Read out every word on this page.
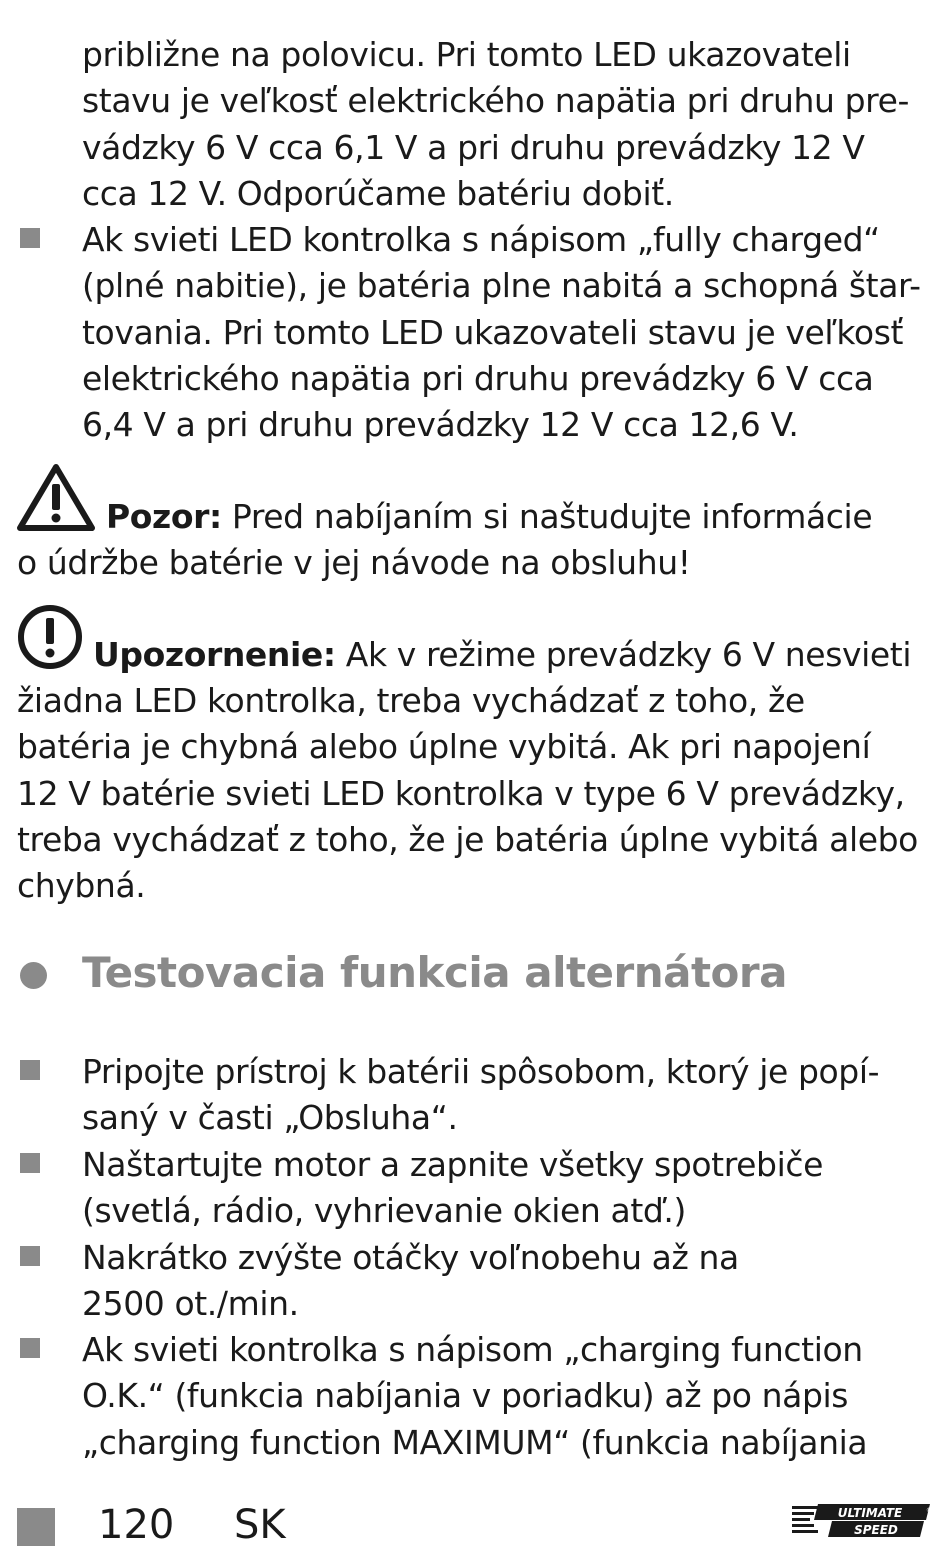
približne na polovicu. Pri tomto LED ukazovateli
stavu je veľkosť elektrického napätia pri druhu pre-
vádzky 6 V cca 6,1 V a pri druhu prevádzky 12 V
cca 12 V. Odporúčame batériu dobiť.
Ak svieti LED kontrolka s nápisom „fully charged“
(plné nabitie), je batéria plne nabitá a schopná štar-
tovania. Pri tomto LED ukazovateli stavu je veľkosť
elektrického napätia pri druhu prevádzky 6 V cca
6,4 V a pri druhu prevádzky 12 V cca 12,6 V.
Pozor: Pred nabíjaním si naštudujte informácie
o údržbe batérie v jej návode na obsluhu!
Upozornenie: Ak v režime prevádzky 6 V nesvieti
žiadna LED kontrolka, treba vychádzať z toho, že
batéria je chybná alebo úplne vybitá. Ak pri napojení
12 V batérie svieti LED kontrolka v type 6 V prevádzky,
treba vychádzať z toho, že je batéria úplne vybitá alebo
chybná.
Testovacia funkcia alternátora
Pripojte prístroj k batérii spôsobom, ktorý je popí-
saný v časti „Obsluha“.
Naštartujte motor a zapnite všetky spotrebiče
(svetlá, rádio, vyhrievanie okien atď.)
Nakrátko zvýšte otáčky voľnobehu až na
2500 ot./min.
Ak svieti kontrolka s nápisom „charging function
O.K.“ (funkcia nabíjania v poriadku) až po nápis
„charging function MAXIMUM“ (funkcia nabíjania
120 SK	ULTIMATE
SPEED
®
